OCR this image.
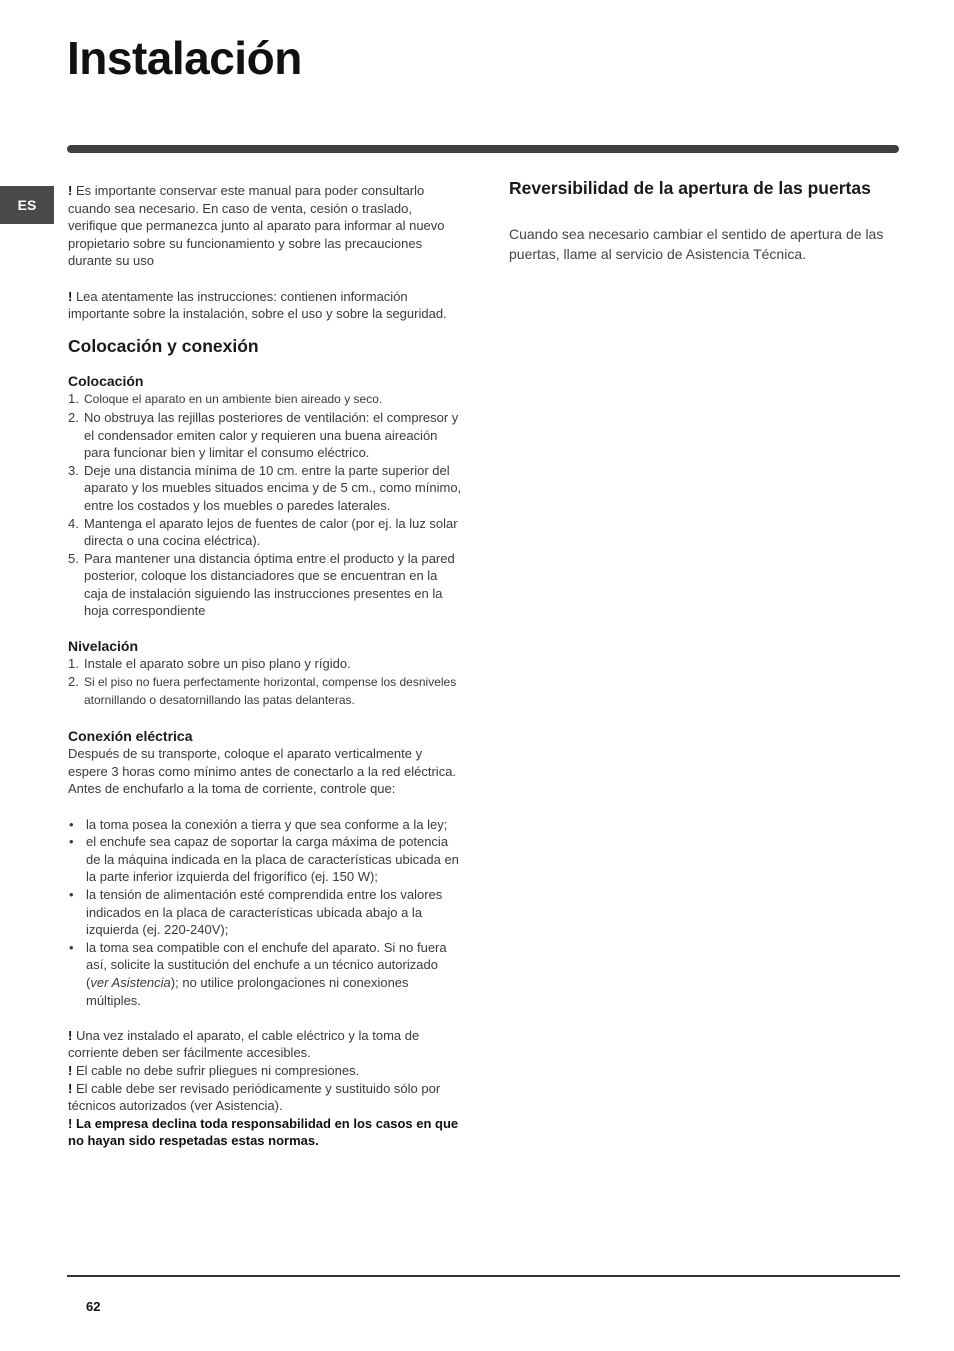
Instalación
ES

! Es importante conservar este manual para poder consultarlo cuando sea necesario. En caso de venta, cesión o traslado, verifique que permanezca junto al aparato para informar al nuevo propietario sobre su funcionamiento y sobre las precauciones durante su uso

! Lea atentamente las instrucciones: contienen información importante sobre la instalación, sobre el uso y sobre la seguridad.

Colocación y conexión
Colocación
1. Coloque el aparato en un ambiente bien aireado y seco.
2. No obstruya las rejillas posteriores de ventilación: el compresor y el condensador emiten calor y requieren una buena aireación para funcionar bien y limitar el consumo eléctrico.
3. Deje una distancia mínima de 10 cm. entre la parte superior del aparato y los muebles situados encima y de 5 cm., como mínimo, entre los costados y los muebles o paredes laterales.
4. Mantenga el aparato lejos de fuentes de calor (por ej. la luz solar directa o una cocina eléctrica).
5. Para mantener una distancia óptima entre el producto y la pared posterior, coloque los distanciadores que se encuentran en la caja de instalación siguiendo las instrucciones presentes en la hoja correspondiente
Nivelación
1. Instale el aparato sobre un piso plano y rígido.
2. Si el piso no fuera perfectamente horizontal, compense los desniveles atornillando o desatornillando las patas delanteras.
Conexión eléctrica

Después de su transporte, coloque el aparato verticalmente y espere 3 horas como mínimo antes de conectarlo a la red eléctrica. Antes de enchufarlo a la toma de corriente, controle que:

• la toma posea la conexión a tierra y que sea conforme a la ley;
• el enchufe sea capaz de soportar la carga máxima de potencia de la máquina indicada en la placa de características ubicada en la parte inferior izquierda del frigorífico (ej. 150 W);
• la tensión de alimentación esté comprendida entre los valores indicados en la placa de características ubicada abajo a la izquierda (ej. 220-240V);
• la toma sea compatible con el enchufe del aparato. Si no fuera así, solicite la sustitución del enchufe a un técnico autorizado (ver Asistencia); no utilice prolongaciones ni conexiones múltiples.

! Una vez instalado el aparato, el cable eléctrico y la toma de corriente deben ser fácilmente accesibles.

! El cable no debe sufrir pliegues ni compresiones.

! El cable debe ser revisado periódicamente y sustituido sólo por técnicos autorizados (ver Asistencia).

! La empresa declina toda responsabilidad en los casos en que no hayan sido respetadas estas normas.

Reversibilidad de la apertura de las puertas

Cuando sea necesario cambiar el sentido de apertura de las puertas, llame al servicio de Asistencia Técnica.

62
